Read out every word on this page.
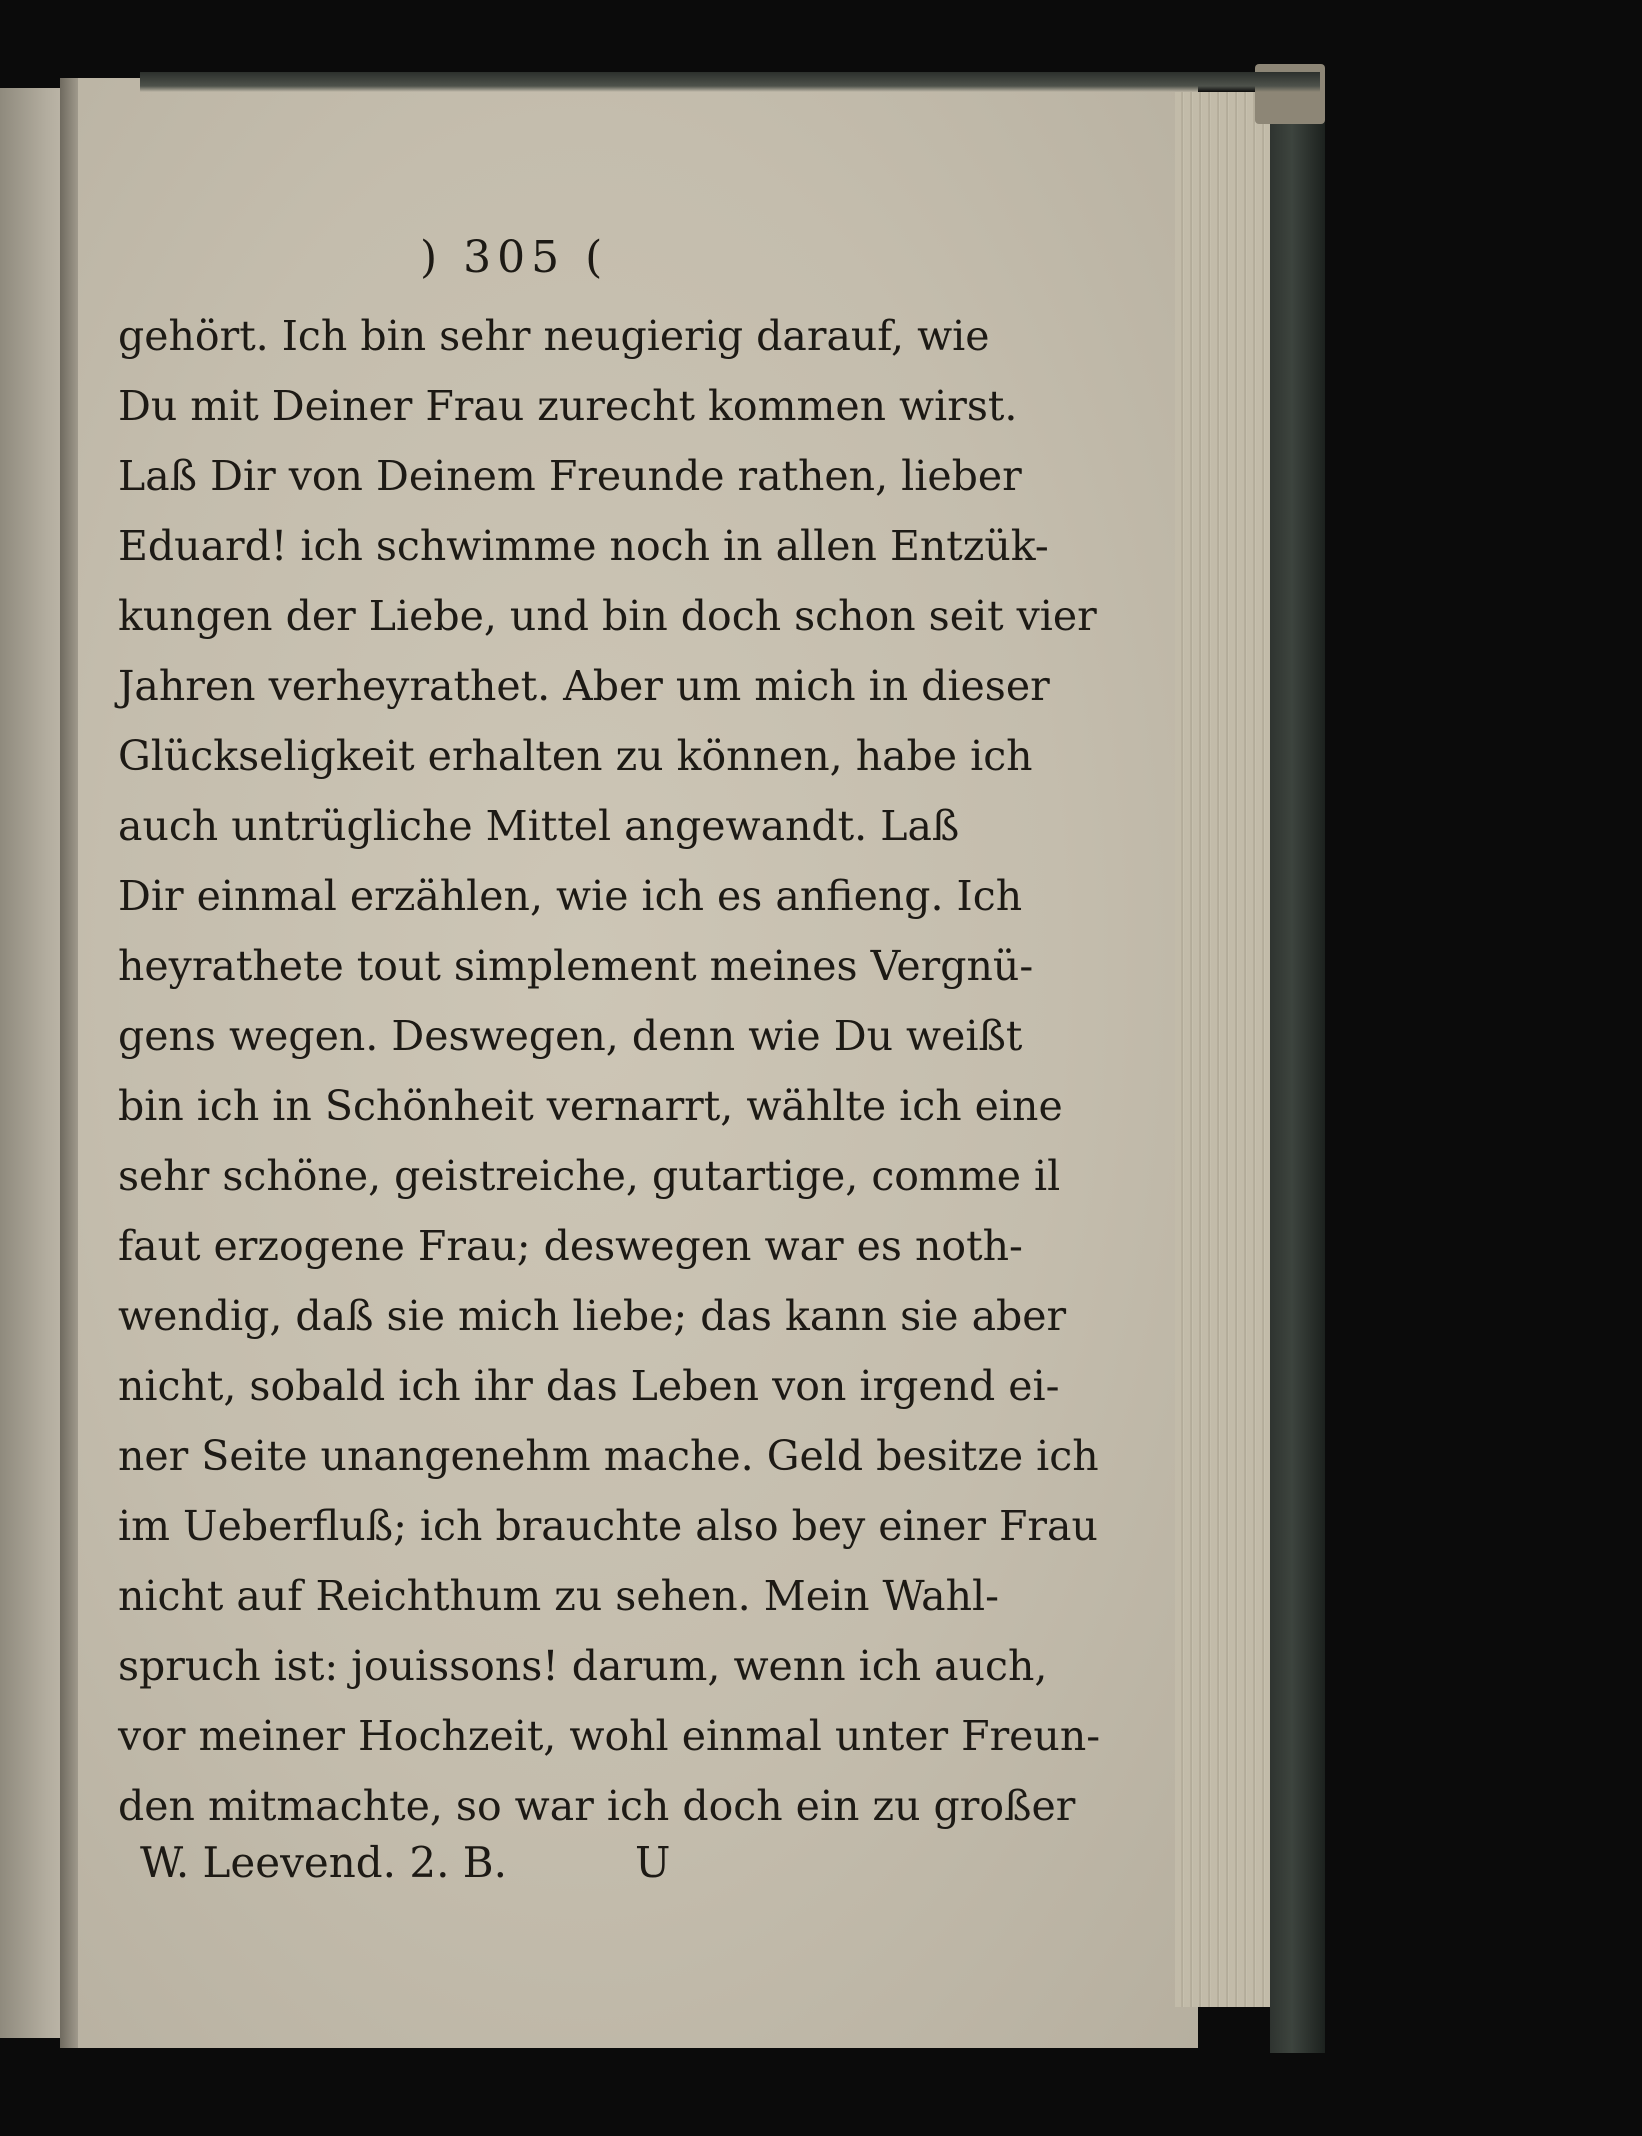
) 305 (
gehört. Ich bin sehr neugierig darauf, wie
Du mit Deiner Frau zurecht kommen wirst.
Laß Dir von Deinem Freunde rathen, lieber
Eduard! ich schwimme noch in allen Entzük-
kungen der Liebe, und bin doch schon seit vier
Jahren verheyrathet. Aber um mich in dieser
Glückseligkeit erhalten zu können, habe ich
auch untrügliche Mittel angewandt. Laß
Dir einmal erzählen, wie ich es anfieng. Ich
heyrathete tout simplement meines Vergnü-
gens wegen. Deswegen, denn wie Du weißt
bin ich in Schönheit vernarrt, wählte ich eine
sehr schöne, geistreiche, gutartige, comme il
faut erzogene Frau; deswegen war es noth-
wendig, daß sie mich liebe; das kann sie aber
nicht, sobald ich ihr das Leben von irgend ei-
ner Seite unangenehm mache. Geld besitze ich
im Ueberfluß; ich brauchte also bey einer Frau
nicht auf Reichthum zu sehen. Mein Wahl-
spruch ist: jouissons! darum, wenn ich auch,
vor meiner Hochzeit, wohl einmal unter Freun-
den mitmachte, so war ich doch ein zu großer
W. Leevend. 2. B.	U
